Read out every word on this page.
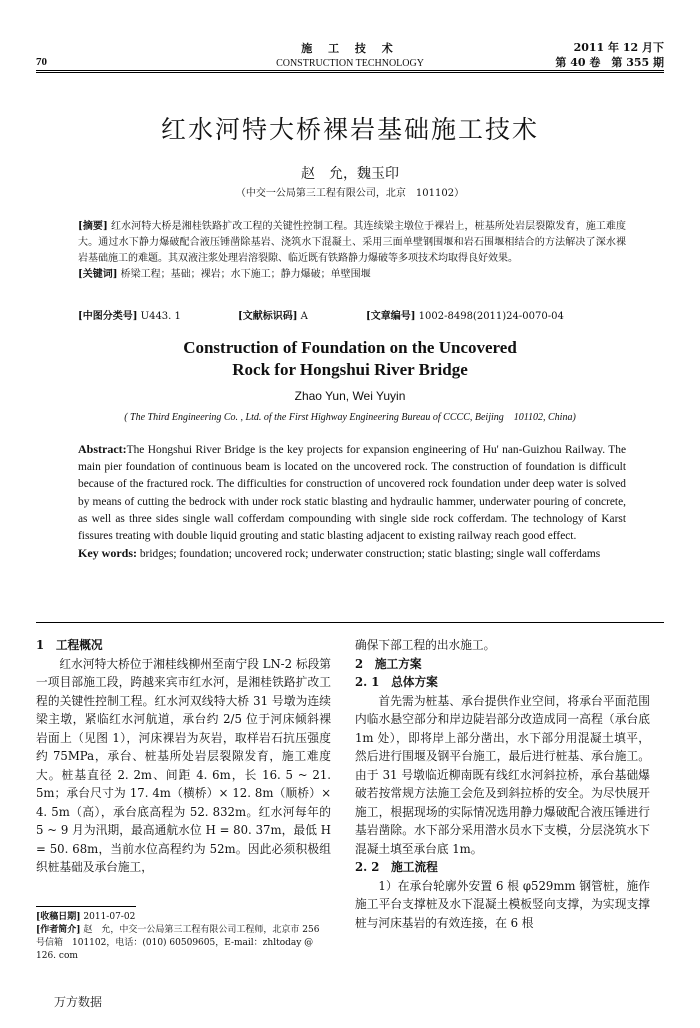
70
施 工 技 术
CONSTRUCTION TECHNOLOGY
2011 年 12 月下
第 40 卷　第 355 期
红水河特大桥裸岩基础施工技术
赵　允，魏玉印
（中交一公局第三工程有限公司，北京　101102）
[摘要] 红水河特大桥是湘桂铁路扩改工程的关键性控制工程。其连续梁主墩位于裸岩上，桩基所处岩层裂隙发育，施工难度大。通过水下静力爆破配合液压锤凿除基岩、浇筑水下混凝土、采用三面单壁钢围堰和岩石围堰相结合的方法解决了深水裸岩基础施工的难题。其双液注浆处理岩溶裂隙、临近既有铁路静力爆破等多项技术均取得良好效果。
[关键词] 桥梁工程；基础；裸岩；水下施工；静力爆破；单壁围堰
[中图分类号] U443. 1	[文献标识码] A	[文章编号] 1002-8498(2011)24-0070-04
Construction of Foundation on the Uncovered
Rock for Hongshui River Bridge
Zhao Yun, Wei Yuyin
( The Third Engineering Co. , Ltd. of the First Highway Engineering Bureau of CCCC, Beijing　101102, China)
Abstract:The Hongshui River Bridge is the key projects for expansion engineering of Hu' nan-Guizhou Railway. The main pier foundation of continuous beam is located on the uncovered rock. The construction of foundation is difficult because of the fractured rock. The difficulties for construction of uncovered rock foundation under deep water is solved by means of cutting the bedrock with under rock static blasting and hydraulic hammer, underwater pouring of concrete, as well as three sides single wall cofferdam compounding with single side rock cofferdam. The technology of Karst fissures treating with double liquid grouting and static blasting adjacent to existing railway reach good effect.
Key words: bridges; foundation; uncovered rock; underwater construction; static blasting; single wall cofferdams
1　工程概况

红水河特大桥位于湘桂线柳州至南宁段 LN-2 标段第一项目部施工段，跨越来宾市红水河，是湘桂铁路扩改工程的关键性控制工程。红水河双线特大桥 31 号墩为连续梁主墩，紧临红水河航道，承台约 2/5 位于河床倾斜裸岩面上（见图 1），河床裸岩为灰岩，取样岩石抗压强度约 75MPa，承台、桩基所处岩层裂隙发育，施工难度大。桩基直径 2. 2m、间距 4. 6m，长 16. 5 ~ 21. 5m；承台尺寸为 17. 4m（横桥）× 12. 8m（顺桥）× 4. 5m（高），承台底高程为 52. 832m。红水河每年的 5 ~ 9 月为汛期，最高通航水位 H = 80. 37m，最低 H = 50. 68m，当前水位高程约为 52m。因此必须积极组织桩基础及承台施工，

确保下部工程的出水施工。

2　施工方案
2. 1　总体方案

首先需为桩基、承台提供作业空间，将承台平面范围内临水悬空部分和岸边陡岩部分改造成同一高程（承台底 1m 处），即将岸上部分凿出，水下部分用混凝土填平，然后进行围堰及钢平台施工，最后进行桩基、承台施工。由于 31 号墩临近柳南既有线红水河斜拉桥，承台基础爆破若按常规方法施工会危及到斜拉桥的安全。为尽快展开施工，根据现场的实际情况选用静力爆破配合液压锤进行基岩凿除。水下部分采用潜水员水下支模，分层浇筑水下混凝土填至承台底 1m。

2. 2　施工流程

1）在承台轮廓外安置 6 根 φ529mm 钢管桩，施作施工平台支撑桩及水下混凝土模板竖向支撑，为实现支撑桩与河床基岩的有效连接，在 6 根

[收稿日期] 2011-07-02
[作者简介] 赵　允，中交一公局第三工程有限公司工程师，北京市 256 号信箱　101102，电话：(010) 60509605，E-mail：zhltoday @ 126. com
万方数据
